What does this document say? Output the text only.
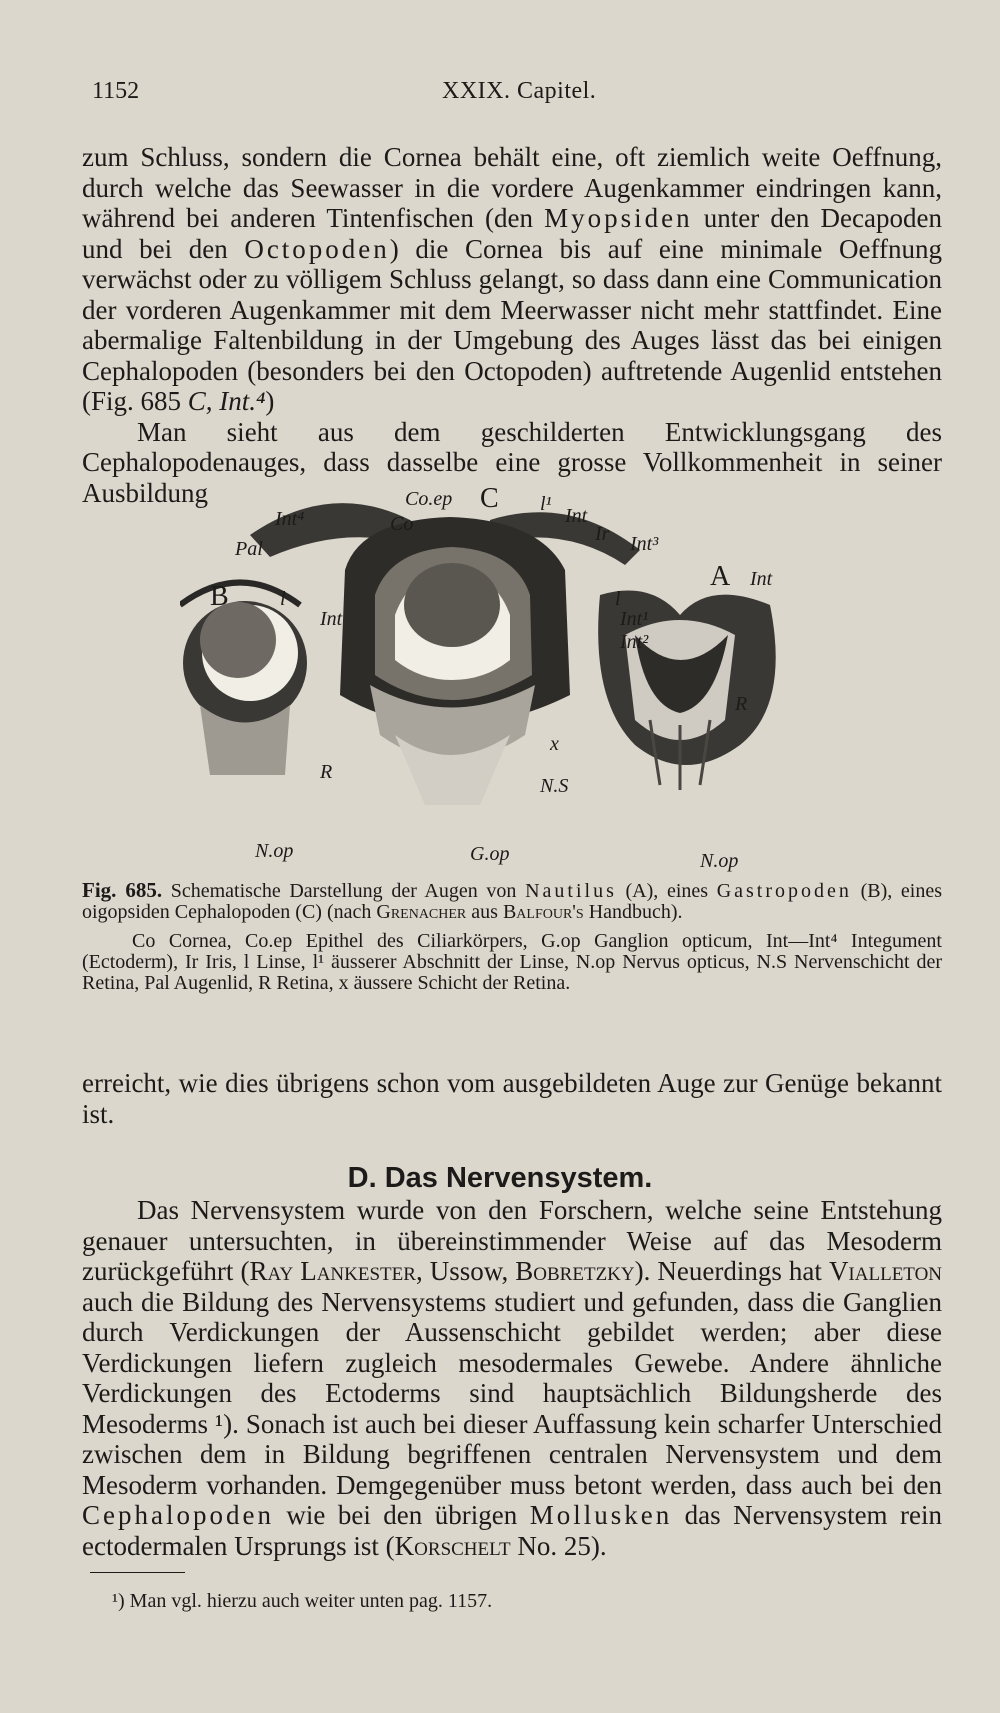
1152	XXIX. Capitel.

zum Schluss, sondern die Cornea behält eine, oft ziemlich weite Oeffnung, durch welche das Seewasser in die vordere Augenkammer eindringen kann, während bei anderen Tintenfischen (den Myopsiden unter den Decapoden und bei den Octopoden) die Cornea bis auf eine minimale Oeffnung verwächst oder zu völligem Schluss gelangt, so dass dann eine Communication der vorderen Augenkammer mit dem Meerwasser nicht mehr stattfindet. Eine abermalige Faltenbildung in der Umgebung des Auges lässt das bei einigen Cephalopoden (besonders bei den Octopoden) auftretende Augenlid entstehen (Fig. 685 C, Int.⁴)

Man sieht aus dem geschilderten Entwicklungsgang des Cephalopodenauges, dass dasselbe eine grosse Vollkommenheit in seiner Ausbildung	C
B
A
Int⁴
Pal
Co.ep
Co
l¹
Int
Ir Int³
l
Int
l
Int¹
Int²
Int
R
x
R
N.S
N.op	G.op	N.op

Fig. 685. Schematische Darstellung der Augen von Nautilus (A), eines Gastropoden (B), eines oigopsiden Cephalopoden (C) (nach Grenacher aus Balfour's Handbuch).

Co Cornea, Co.ep Epithel des Ciliarkörpers, G.op Ganglion opticum, Int—Int⁴ Integument (Ectoderm), Ir Iris, l Linse, l¹ äusserer Abschnitt der Linse, N.op Nervus opticus, N.S Nervenschicht der Retina, Pal Augenlid, R Retina, x äussere Schicht der Retina.

erreicht, wie dies übrigens schon vom ausgebildeten Auge zur Genüge bekannt ist.

D. Das Nervensystem.

Das Nervensystem wurde von den Forschern, welche seine Entstehung genauer untersuchten, in übereinstimmender Weise auf das Mesoderm zurückgeführt (Ray Lankester, Ussow, Bobretzky). Neuerdings hat Vialleton auch die Bildung des Nervensystems studiert und gefunden, dass die Ganglien durch Verdickungen der Aussenschicht gebildet werden; aber diese Verdickungen liefern zugleich mesodermales Gewebe. Andere ähnliche Verdickungen des Ectoderms sind hauptsächlich Bildungsherde des Mesoderms ¹). Sonach ist auch bei dieser Auffassung kein scharfer Unterschied zwischen dem in Bildung begriffenen centralen Nervensystem und dem Mesoderm vorhanden. Demgegenüber muss betont werden, dass auch bei den Cephalopoden wie bei den übrigen Mollusken das Nervensystem rein ectodermalen Ursprungs ist (Korschelt No. 25).

¹) Man vgl. hierzu auch weiter unten pag. 1157.
